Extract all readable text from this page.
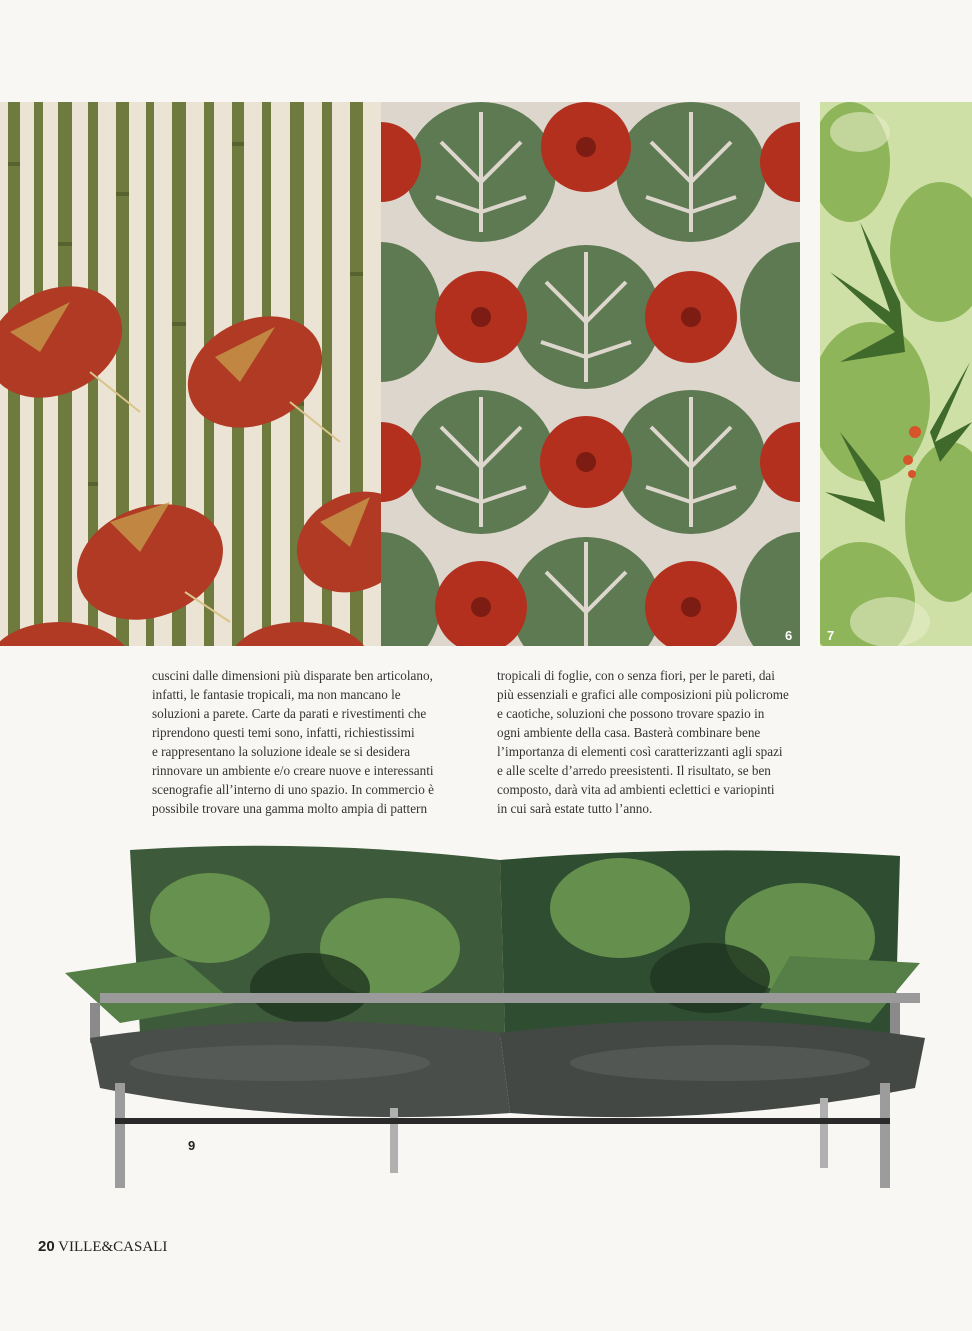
6	7
cuscini dalle dimensioni più disparate ben articolano,
infatti, le fantasie tropicali, ma non mancano le
soluzioni a parete. Carte da parati e rivestimenti che
riprendono questi temi sono, infatti, richiestissimi
e rappresentano la soluzione ideale se si desidera
rinnovare un ambiente e/o creare nuove e interessanti
scenografie all’interno di uno spazio. In commercio è
possibile trovare una gamma molto ampia di pattern
tropicali di foglie, con o senza fiori, per le pareti, dai
più essenziali e grafici alle composizioni più policrome
e caotiche, soluzioni che possono trovare spazio in
ogni ambiente della casa. Basterà combinare bene
l’importanza di elementi così caratterizzanti agli spazi
e alle scelte d’arredo preesistenti. Il risultato, se ben
composto, darà vita ad ambienti eclettici e variopinti
in cui sarà estate tutto l’anno.
9
20 VILLE&CASALI
